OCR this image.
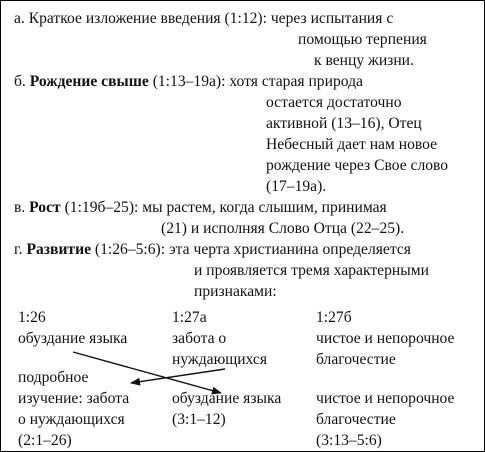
а. Краткое изложение введения (1:12): через испытания с
помощью терпения
к венцу жизни.
б. Рождение свыше (1:13–19а): хотя старая природа
остается достаточно
активной (13–16), Отец
Небесный дает нам новое
рождение через Свое слово
(17–19а).
в. Рост (1:19б–25): мы растем, когда слышим, принимая
(21) и исполняя Слово Отца (22–25).
г. Развитие (1:26–5:6): эта черта христианина определяется
и проявляется тремя характерными
признаками:
1:26
обуздание языка
1:27а
забота о
нуждающихся
1:27б
чистое и непорочное
благочестие
подробное
изучение: забота
о нуждающихся
(2:1–26)
обуздание языка
(3:1–12)
чистое и непорочное
благочестие
(3:13–5:6)
